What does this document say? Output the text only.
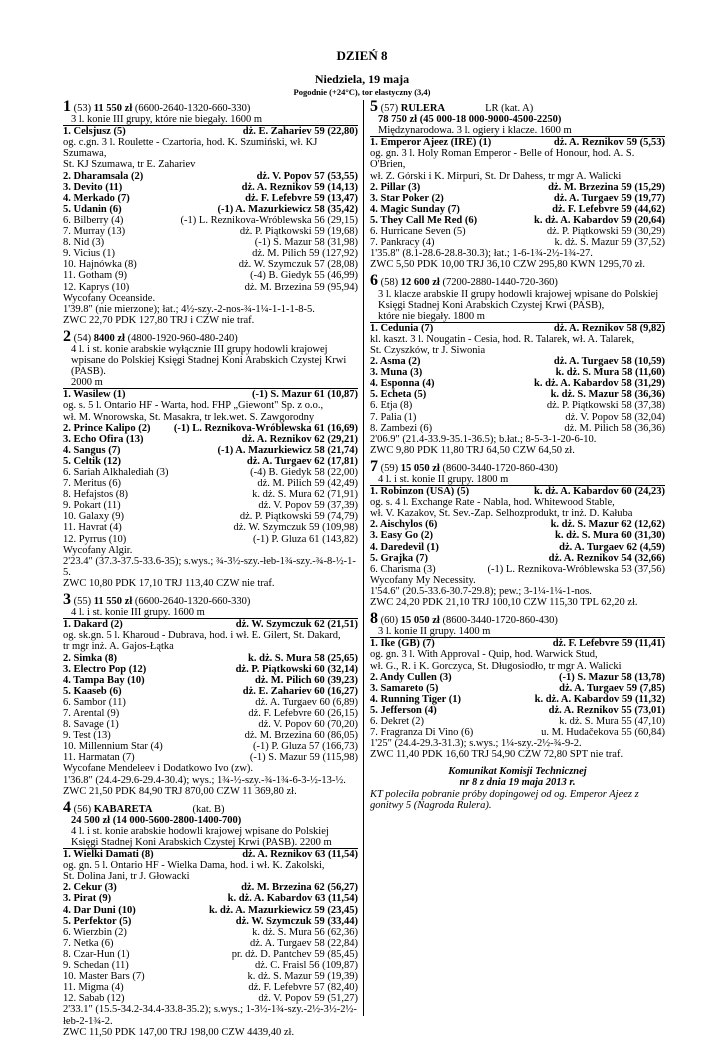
DZIEŃ 8
Niedziela, 19 maja
Pogodnie (+24°C), tor elastyczny (3,4)
1 (53) 11 550 zł (6600-2640-1320-660-330)
3 l. konie III grupy, które nie biegały. 1600 m
1. Celsjusz (5)	dż. E. Zahariev 59 (22,80)
og. c.gn. 3 l. Roulette - Czartoria, hod. K. Szumiński, wł. KJ Szumawa,
St. KJ Szumawa, tr E. Zahariev
2. Dharamsala (2)	dż. V. Popov 57 (53,55)
3. Devito (11)	dż. A. Reznikov 59 (14,13)
4. Merkado (7)	dż. F. Lefebvre 59 (13,47)
5. Udanin (6)	(-1) A. Mazurkiewicz 58 (35,42)
6. Bilberry (4)	(-1) L. Reznikova-Wróblewska 56 (29,15)
7. Murray (13)	dż. P. Piątkowski 59 (19,68)
8. Nid (3)	(-1) S. Mazur 58 (31,98)
9. Vicius (1)	dż. M. Pilich 59 (127,92)
10. Hajnówka (8)	dż. W. Szymczuk 57 (28,08)
11. Gotham (9)	(-4) B. Giedyk 55 (46,99)
12. Kaprys (10)	dż. M. Brzezina 59 (95,94)
Wycofany Oceanside.
1'39.8" (nie mierzone); łat.; 4½-szy.-2-nos-¾-1¼-1-1-1-8-5.
ZWC 22,70 PDK 127,80 TRJ i CZW nie traf.
2 (54) 8400 zł (4800-1920-960-480-240)
4 l. i st. konie arabskie wyłącznie III grupy hodowli krajowej wpisane do Polskiej Księgi Stadnej Koni Arabskich Czystej Krwi (PASB).
2000 m
1. Wasilew (1)	(-1) S. Mazur 61 (10,87)
og. s. 5 l. Ontario HF - Warta, hod. FHP „Giewont" Sp. z o.o.,
wł. M. Wnorowska, St. Masakra, tr lek.wet. S. Zawgorodny
2. Prince Kalipo (2) (-1) L. Reznikova-Wróblewska 61 (16,69)
3. Echo Ofira (13)	dż. A. Reznikov 62 (29,21)
4. Sangus (7)	(-1) A. Mazurkiewicz 58 (21,74)
5. Celtik (12)	dż. A. Turgaev 62 (17,81)
6. Sariah Alkhalediah (3)	(-4) B. Giedyk 58 (22,00)
7. Meritus (6)	dż. M. Pilich 59 (42,49)
8. Hefajstos (8)	k. dż. S. Mura 62 (71,91)
9. Pokart (11)	dż. V. Popov 59 (37,39)
10. Galaxy (9)	dż. P. Piątkowski 59 (74,79)
11. Havrat (4)	dż. W. Szymczuk 59 (109,98)
12. Pyrrus (10)	(-1) P. Gluza 61 (143,82)
Wycofany Algir.
2'23.4" (37.3-37.5-33.6-35); s.wys.; ¾-3½-szy.-łeb-1¾-szy.-¾-8-½-1-5.
ZWC 10,80 PDK 17,10 TRJ 113,40 CZW nie traf.
3 (55) 11 550 zł (6600-2640-1320-660-330)
4 l. i st. konie III grupy. 1600 m
1. Dakard (2)	dż. W. Szymczuk 62 (21,51)
og. sk.gn. 5 l. Kharoud - Dubrava, hod. i wł. E. Gilert, St. Dakard,
tr mgr inż. A. Gajos-Łątka
2. Simka (8)	k. dż. S. Mura 58 (25,65)
3. Electro Pop (12)	dż. P. Piątkowski 60 (32,14)
4. Tampa Bay (10)	dż. M. Pilich 60 (39,23)
5. Kaaseb (6)	dż. E. Zahariev 60 (16,27)
6. Sambor (11)	dż. A. Turgaev 60 (6,89)
7. Arental (9)	dż. F. Lefebvre 60 (26,15)
8. Savage (1)	dż. V. Popov 60 (70,20)
9. Test (13)	dż. M. Brzezina 60 (86,05)
10. Millennium Star (4)	(-1) P. Gluza 57 (166,73)
11. Harmatan (7)	(-1) S. Mazur 59 (115,98)
Wycofane Mendeleev i Dodatkowo Ivo (zw).
1'36.8" (24.4-29.6-29.4-30.4); wys.; 1¾-½-szy.-¾-1¾-6-3-½-13-½.
ZWC 21,50 PDK 84,90 TRJ 870,00 CZW 11 369,80 zł.
4 (56) KABARETA	(kat. B)
24 500 zł (14 000-5600-2800-1400-700)
4 l. i st. konie arabskie hodowli krajowej wpisane do Polskiej Księgi Stadnej Koni Arabskich Czystej Krwi (PASB). 2200 m
1. Wielki Damati (8)	dż. A. Reznikov 63 (11,54)
og. gn. 5 l. Ontario HF - Wielka Dama, hod. i wł. K. Zakolski,
St. Dolina Jani, tr J. Głowacki
2. Cekur (3)	dż. M. Brzezina 62 (56,27)
3. Pirat (9)	k. dż. A. Kabardov 63 (11,54)
4. Dar Duni (10)	k. dż. A. Mazurkiewicz 59 (23,45)
5. Perfektor (5)	dż. W. Szymczuk 59 (33,44)
6. Wierzbin (2)	k. dż. S. Mura 56 (62,36)
7. Netka (6)	dż. A. Turgaev 58 (22,84)
8. Czar-Hun (1)	pr. dż. D. Pantchev 59 (85,45)
9. Schedan (11)	dż. C. Fraisl 56 (109,87)
10. Master Bars (7)	k. dż. S. Mazur 59 (19,39)
11. Migma (4)	dż. F. Lefebvre 57 (82,40)
12. Sabab (12)	dż. V. Popov 59 (51,27)
2'33.1" (15.5-34.2-34.4-33.8-35.2); s.wys.; 1-3½-1¾-szy.-2½-3½-2½-łeb-2-1¾-2.
ZWC 11,50 PDK 147,00 TRJ 198,00 CZW 4439,40 zł.
5 (57) RULERA	LR (kat. A)
78 750 zł (45 000-18 000-9000-4500-2250)
Międzynarodowa. 3 l. ogiery i klacze. 1600 m
1. Emperor Ajeez (IRE) (1)	dż. A. Reznikov 59 (5,53)
og. gn. 3 l. Holy Roman Emperor - Belle of Honour, hod. A. S. O'Brien,
wł. Z. Górski i K. Mirpuri, St. Dr Dahess, tr mgr A. Walicki
2. Pillar (3)	dż. M. Brzezina 59 (15,29)
3. Star Poker (2)	dż. A. Turgaev 59 (19,77)
4. Magic Sunday (7)	dż. F. Lefebvre 59 (44,62)
5. They Call Me Red (6)	k. dż. A. Kabardov 59 (20,64)
6. Hurricane Seven (5)	dż. P. Piątkowski 59 (30,29)
7. Pankracy (4)	k. dż. S. Mazur 59 (37,52)
1'35.8" (8.1-28.6-28.8-30.3); łat.; 1-6-1¾-2½-1¾-27.
ZWC 5,50 PDK 10,00 TRJ 36,10 CZW 295,80 KWN 1295,70 zł.
6 (58) 12 600 zł (7200-2880-1440-720-360)
3 l. klacze arabskie II grupy hodowli krajowej wpisane do Polskiej Księgi Stadnej Koni Arabskich Czystej Krwi (PASB),
które nie biegały. 1800 m
1. Cedunia (7)	dż. A. Reznikov 58 (9,82)
kl. kaszt. 3 l. Nougatin - Cesia, hod. R. Talarek, wł. A. Talarek,
St. Czyszków, tr J. Siwonia
2. Asma (2)	dż. A. Turgaev 58 (10,59)
3. Muna (3)	k. dż. S. Mura 58 (11,60)
4. Esponna (4)	k. dż. A. Kabardov 58 (31,29)
5. Echeta (5)	k. dż. S. Mazur 58 (36,36)
6. Etja (8)	dż. P. Piątkowski 58 (37,38)
7. Palia (1)	dż. V. Popov 58 (32,04)
8. Zambezi (6)	dż. M. Pilich 58 (36,36)
2'06.9" (21.4-33.9-35.1-36.5); b.łat.; 8-5-3-1-20-6-10.
ZWC 9,80 PDK 11,80 TRJ 64,50 CZW 64,50 zł.
7 (59) 15 050 zł (8600-3440-1720-860-430)
4 l. i st. konie II grupy. 1800 m
1. Robinzon (USA) (5)	k. dż. A. Kabardov 60 (24,23)
og. s. 4 l. Exchange Rate - Nabla, hod. Whitewood Stable,
wł. V. Kazakov, St. Sev.-Zap. Selhozprodukt, tr inż. D. Kałuba
2. Aischylos (6)	k. dż. S. Mazur 62 (12,62)
3. Easy Go (2)	k. dż. S. Mura 60 (31,30)
4. Daredevil (1)	dż. A. Turgaev 62 (4,59)
5. Grajka (7)	dż. A. Reznikov 54 (32,66)
6. Charisma (3)	(-1) L. Reznikova-Wróblewska 53 (37,56)
Wycofany My Necessity.
1'54.6" (20.5-33.6-30.7-29.8); pew.; 3-1¼-1¼-1-nos.
ZWC 24,20 PDK 21,10 TRJ 100,10 CZW 115,30 TPL 62,20 zł.
8 (60) 15 050 zł (8600-3440-1720-860-430)
3 l. konie II grupy. 1400 m
1. Ike (GB) (7)	dż. F. Lefebvre 59 (11,41)
og. gn. 3 l. With Approval - Quip, hod. Warwick Stud,
wł. G., R. i K. Gorczyca, St. Długosiodło, tr mgr A. Walicki
2. Andy Cullen (3)	(-1) S. Mazur 58 (13,78)
3. Samareto (5)	dż. A. Turgaev 59 (7,85)
4. Running Tiger (1)	k. dż. A. Kabardov 59 (11,32)
5. Jefferson (4)	dż. A. Reznikov 55 (73,01)
6. Dekret (2)	k. dż. S. Mura 55 (47,10)
7. Fragranza Di Vino (6)	u. M. Hudačekova 55 (60,84)
1'25" (24.4-29.3-31.3); s.wys.; 1¼-szy.-2½-¾-9-2.
ZWC 11,40 PDK 16,60 TRJ 54,90 CZW 72,80 SPT nie traf.
Komunikat Komisji Technicznej
nr 8 z dnia 19 maja 2013 r.
KT poleciła pobranie próby dopingowej od og. Emperor Ajeez z gonitwy 5 (Nagroda Rulera).
